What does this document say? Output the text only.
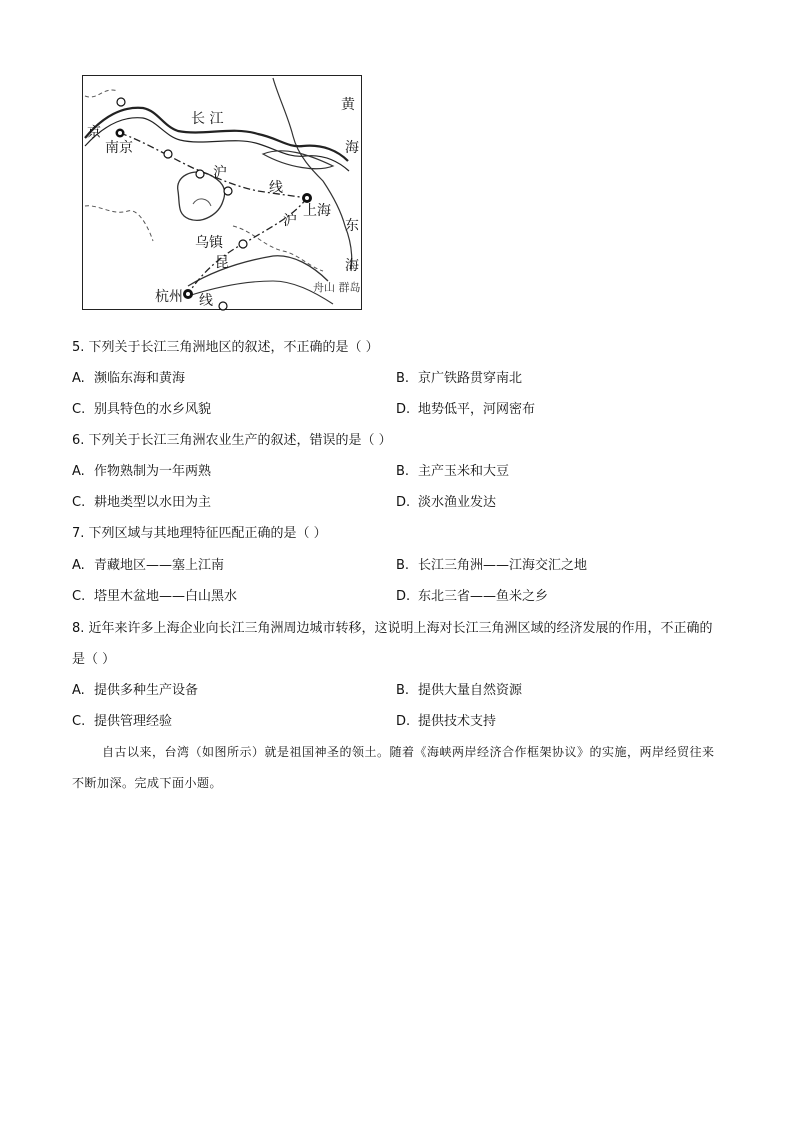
黄
海
长 江
京
南京
沪
线
上海
沪	东
乌镇
昆	海
舟山 群岛
杭州 线
5. 下列关于长江三角洲地区的叙述，不正确的是（ ）
A. 濒临东海和黄海	B. 京广铁路贯穿南北
C. 别具特色的水乡风貌	D. 地势低平，河网密布
6. 下列关于长江三角洲农业生产的叙述，错误的是（ ）
A. 作物熟制为一年两熟	B. 主产玉米和大豆
C. 耕地类型以水田为主	D. 淡水渔业发达
7. 下列区域与其地理特征匹配正确的是（ ）
A. 青藏地区——塞上江南	B. 长江三角洲——江海交汇之地
C. 塔里木盆地——白山黑水	D. 东北三省——鱼米之乡
8. 近年来许多上海企业向长江三角洲周边城市转移，这说明上海对长江三角洲区域的经济发展的作用，不正确的是（ ）
A. 提供多种生产设备	B. 提供大量自然资源
C. 提供管理经验	D. 提供技术支持
自古以来，台湾（如图所示）就是祖国神圣的领土。随着《海峡两岸经济合作框架协议》的实施，两岸经贸往来不断加深。完成下面小题。
